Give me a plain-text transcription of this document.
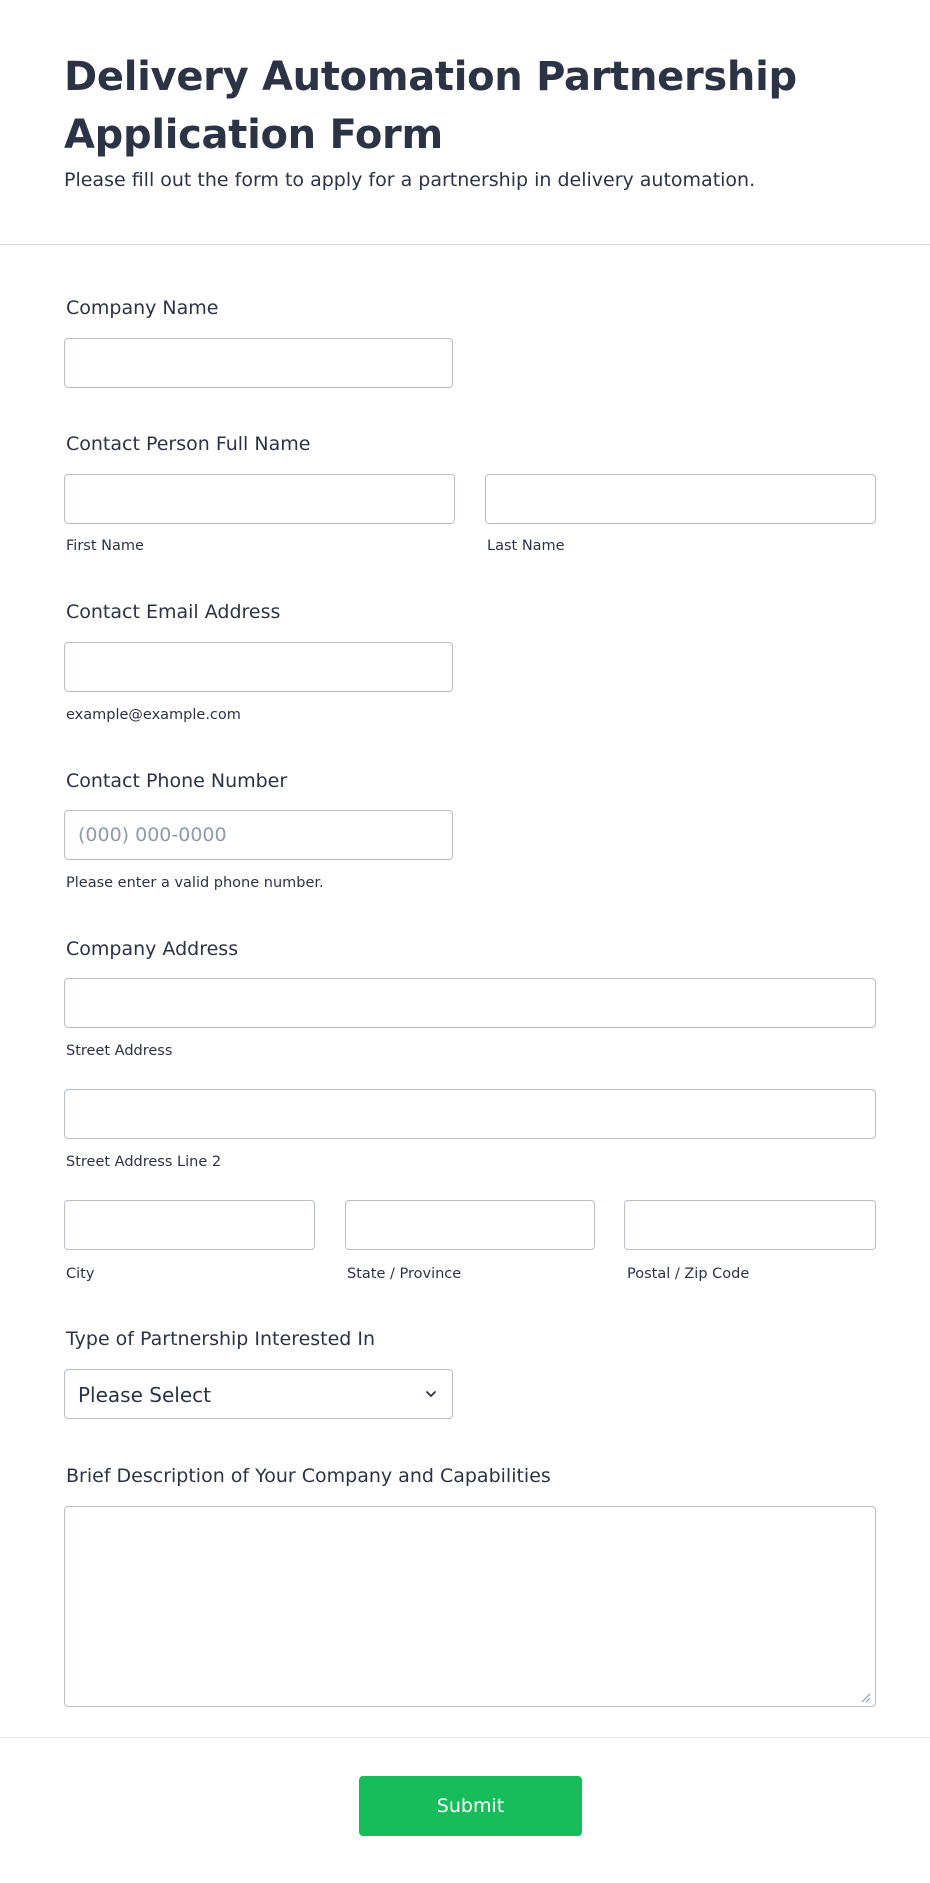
Delivery Automation Partnership Application Form

Please fill out the form to apply for a partnership in delivery automation.

Company Name
Contact Person Full Name
First Name	Last Name
Contact Email Address
example@example.com
Contact Phone Number
(000) 000-0000
Please enter a valid phone number.
Company Address
Street Address
Street Address Line 2
City	State / Province	Postal / Zip Code
Type of Partnership Interested In
Please Select
Brief Description of Your Company and Capabilities
Submit
